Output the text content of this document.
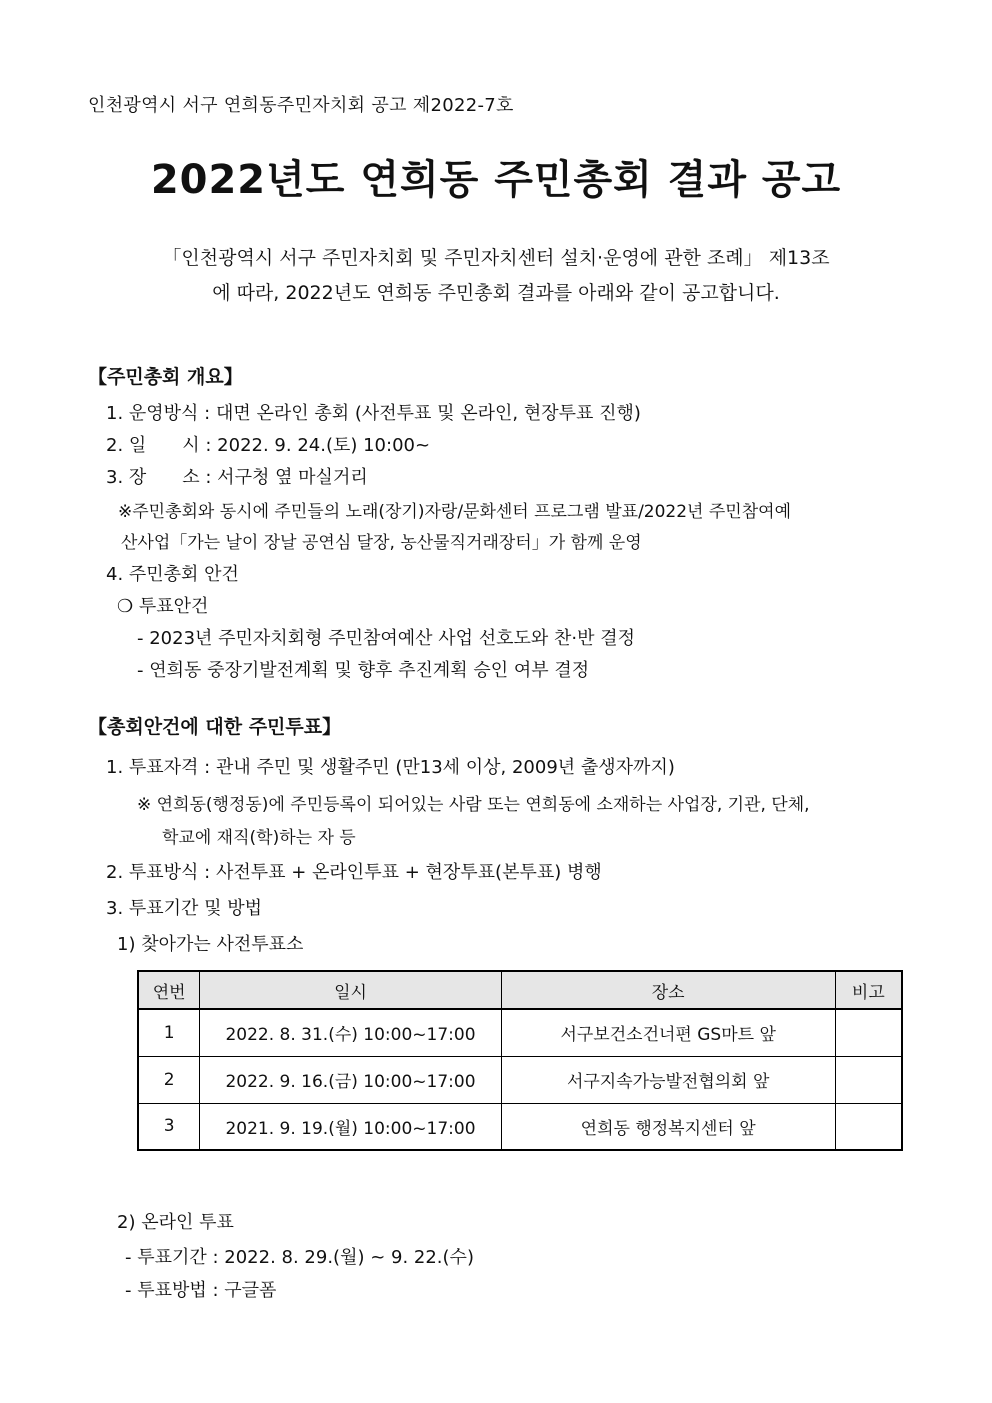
인천광역시 서구 연희동주민자치회 공고 제2022-7호
2022년도 연희동 주민총회 결과 공고
「인천광역시 서구 주민자치회 및 주민자치센터 설치·운영에 관한 조례」 제13조
에 따라, 2022년도 연희동 주민총회 결과를 아래와 같이 공고합니다.
【주민총회 개요】
1. 운영방식 : 대면 온라인 총회 (사전투표 및 온라인, 현장투표 진행)
2. 일　　시 : 2022. 9. 24.(토) 10:00~
3. 장　　소 : 서구청 옆 마실거리
※주민총회와 동시에 주민들의 노래(장기)자랑/문화센터 프로그램 발표/2022년 주민참여예
산사업「가는 날이 장날 공연심 달장, 농산물직거래장터」가 함께 운영
4. 주민총회 안건
❍ 투표안건
- 2023년 주민자치회형 주민참여예산 사업 선호도와 찬·반 결정
- 연희동 중장기발전계획 및 향후 추진계획 승인 여부 결정
【총회안건에 대한 주민투표】
1. 투표자격 : 관내 주민 및 생활주민 (만13세 이상, 2009년 출생자까지)
※ 연희동(행정동)에 주민등록이 되어있는 사람 또는 연희동에 소재하는 사업장, 기관, 단체,
학교에 재직(학)하는 자 등
2. 투표방식 : 사전투표 + 온라인투표 + 현장투표(본투표) 병행
3. 투표기간 및 방법
1) 찾아가는 사전투표소
연번	일시	장소	비고
1	2022. 8. 31.(수) 10:00~17:00	서구보건소건너편 GS마트 앞	
2	2022. 9. 16.(금) 10:00~17:00	서구지속가능발전협의회 앞	
3	2021. 9. 19.(월) 10:00~17:00	연희동 행정복지센터 앞	
2) 온라인 투표
- 투표기간 : 2022. 8. 29.(월) ~ 9. 22.(수)
- 투표방법 : 구글폼
